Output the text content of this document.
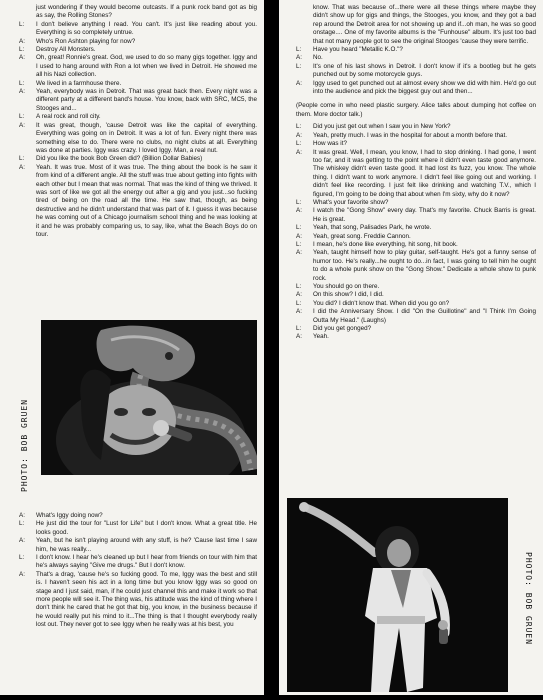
just wondering if they would become outcasts. If a punk rock band got as big as say, the Rolling Stones?
L:	I don't believe anything I read. You can't. It's just like reading about you. Everything is so completely untrue.
A:	Who's Ron Ashton playing for now?
L:	Destroy All Monsters.
A:	Oh, great! Ronnie's great. God, we used to do so many gigs together. Iggy and I used to hang around with Ron a lot when we lived in Detroit. He showed me all his Nazi collection.
L:	We lived in a farmhouse there.
A:	Yeah, everybody was in Detroit. That was great back then. Every night was a different party at a different band's house. You know, back with SRC, MC5, the Stooges and...
L:	A real rock and roll city.
A:	It was great, though, 'cause Detroit was like the capital of everything. Everything was going on in Detroit. It was a lot of fun. Every night there was something else to do. There were no clubs, no night clubs at all. Everything was done at parties. Iggy was crazy. I loved Iggy. Man, a real nut.
L:	Did you like the book Bob Green did? (Billion Dollar Babies)
A:	Yeah. It was true. Most of it was true. The thing about the book is he saw it from kind of a different angle. All the stuff was true about getting into fights with each other but I mean that was normal. That was the kind of thing we thrived. It was sort of like we got all the energy out after a gig and you just...so fucking tired of being on the road all the time. He saw that, though, as being destructive and he didn't understand that was part of it. I guess it was because he was coming out of a Chicago journalism school thing and he was looking at it and he was probably comparing us, to say, like, what the Beach Boys do on tour.
A:	What's Iggy doing now?
L:	He just did the tour for "Lust for Life" but I don't know. What a great title. He looks good.
A:	Yeah, but he isn't playing around with any stuff, is he? 'Cause last time I saw him, he was really...
L:	I don't know. I hear he's cleaned up but I hear from friends on tour with him that he's always saying "Give me drugs." But I don't know.
A:	That's a drag, 'cause he's so fucking good. To me, Iggy was the best and still is. I haven't seen his act in a long time but you know Iggy was so good on stage and I just said, man, if he could just channel this and make it work so that more people will see it. The thing was, his attitude was the kind of thing where I don't think he cared that he got that big, you know, in the business because if he would really put his mind to it...The thing is that I thought everybody really lost out. They never got to see Iggy when he really was at his best, you
PHOTO: BOB GRUEN
know. That was because of...there were all these things where maybe they didn't show up for gigs and things, the Stooges, you know, and they got a bad rep around the Detroit area for not showing up and if...oh man, he was so good onstage.... One of my favorite albums is the "Funhouse" album. It's just too bad that not many people got to see the original Stooges 'cause they were terrific.
L:	Have you heard "Metallic K.O."?
A:	No.
L:	It's one of his last shows in Detroit. I don't know if it's a bootleg but he gets punched out by some motorcycle guys.
A:	Iggy used to get punched out at almost every show we did with him. He'd go out into the audience and pick the biggest guy out and then...

(People come in who need plastic surgery. Alice talks about dumping hot coffee on them. More doctor talk.)

L:	Did you just get out when I saw you in New York?
A:	Yeah, pretty much. I was in the hospital for about a month before that.
L:	How was it?
A:	It was great. Well, I mean, you know, I had to stop drinking. I had gone, I went too far, and it was getting to the point where it didn't even taste good anymore. The whiskey didn't even taste good. It had lost its fuzz, you know. The whole thing. I didn't want to work anymore. I didn't feel like going out and working. I didn't feel like recording. I just felt like drinking and watching T.V., which I figured, I'm going to be doing that about when I'm sixty, why do it now?
L:	What's your favorite show?
A:	I watch the "Gong Show" every day. That's my favorite. Chuck Barris is great. He is great.
L:	Yeah, that song, Palisades Park, he wrote.
A:	Yeah, great song. Freddie Cannon.
L:	I mean, he's done like everything, hit song, hit book.
A:	Yeah, taught himself how to play guitar, self-taught. He's got a funny sense of humor too. He's really...he ought to do...in fact, I was going to tell him he ought to do a whole punk show on the "Gong Show." Dedicate a whole show to punk rock.
L:	You should go on there.
A:	On this show? I did, I did.
L:	You did? I didn't know that. When did you go on?
A:	I did the Anniversary Show. I did "On the Guillotine" and "I Think I'm Going Outta My Head." (Laughs)
L:	Did you get gonged?
A:	Yeah.
PHOTO: BOB GRUEN
